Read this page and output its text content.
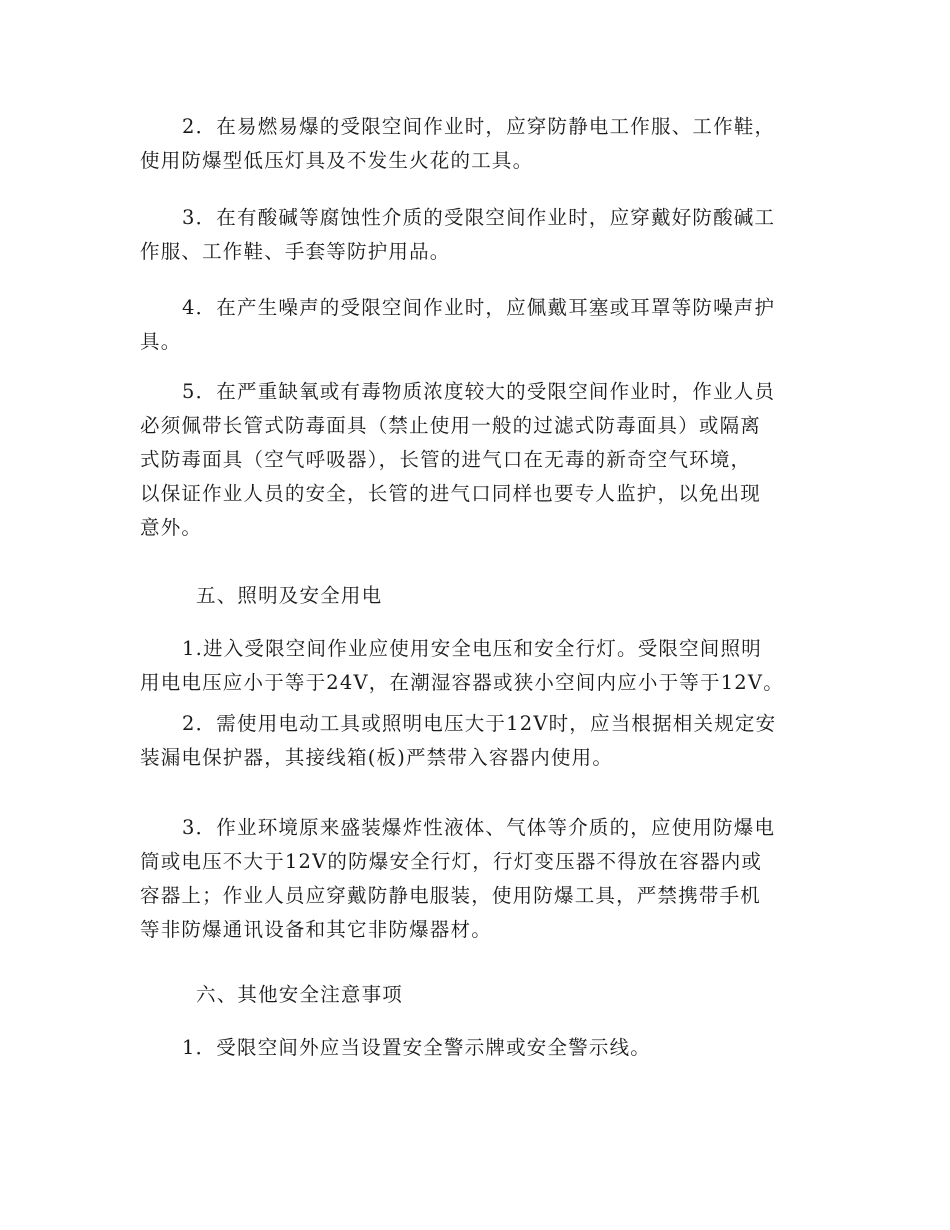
2．在易燃易爆的受限空间作业时，应穿防静电工作服、工作鞋，
使用防爆型低压灯具及不发生火花的工具。
3．在有酸碱等腐蚀性介质的受限空间作业时，应穿戴好防酸碱工
作服、工作鞋、手套等防护用品。
4．在产生噪声的受限空间作业时，应佩戴耳塞或耳罩等防噪声护
具。
5．在严重缺氧或有毒物质浓度较大的受限空间作业时，作业人员
必须佩带长管式防毒面具（禁止使用一般的过滤式防毒面具）或隔离
式防毒面具（空气呼吸器），长管的进气口在无毒的新奇空气环境，
以保证作业人员的安全，长管的进气口同样也要专人监护，以免出现
意外。
五、照明及安全用电
1.进入受限空间作业应使用安全电压和安全行灯。受限空间照明
用电电压应小于等于24V，在潮湿容器或狭小空间内应小于等于12V。
2．需使用电动工具或照明电压大于12V时，应当根据相关规定安
装漏电保护器，其接线箱(板)严禁带入容器内使用。
3．作业环境原来盛装爆炸性液体、气体等介质的，应使用防爆电
筒或电压不大于12V的防爆安全行灯，行灯变压器不得放在容器内或
容器上；作业人员应穿戴防静电服装，使用防爆工具，严禁携带手机
等非防爆通讯设备和其它非防爆器材。
六、其他安全注意事项
1．受限空间外应当设置安全警示牌或安全警示线。
